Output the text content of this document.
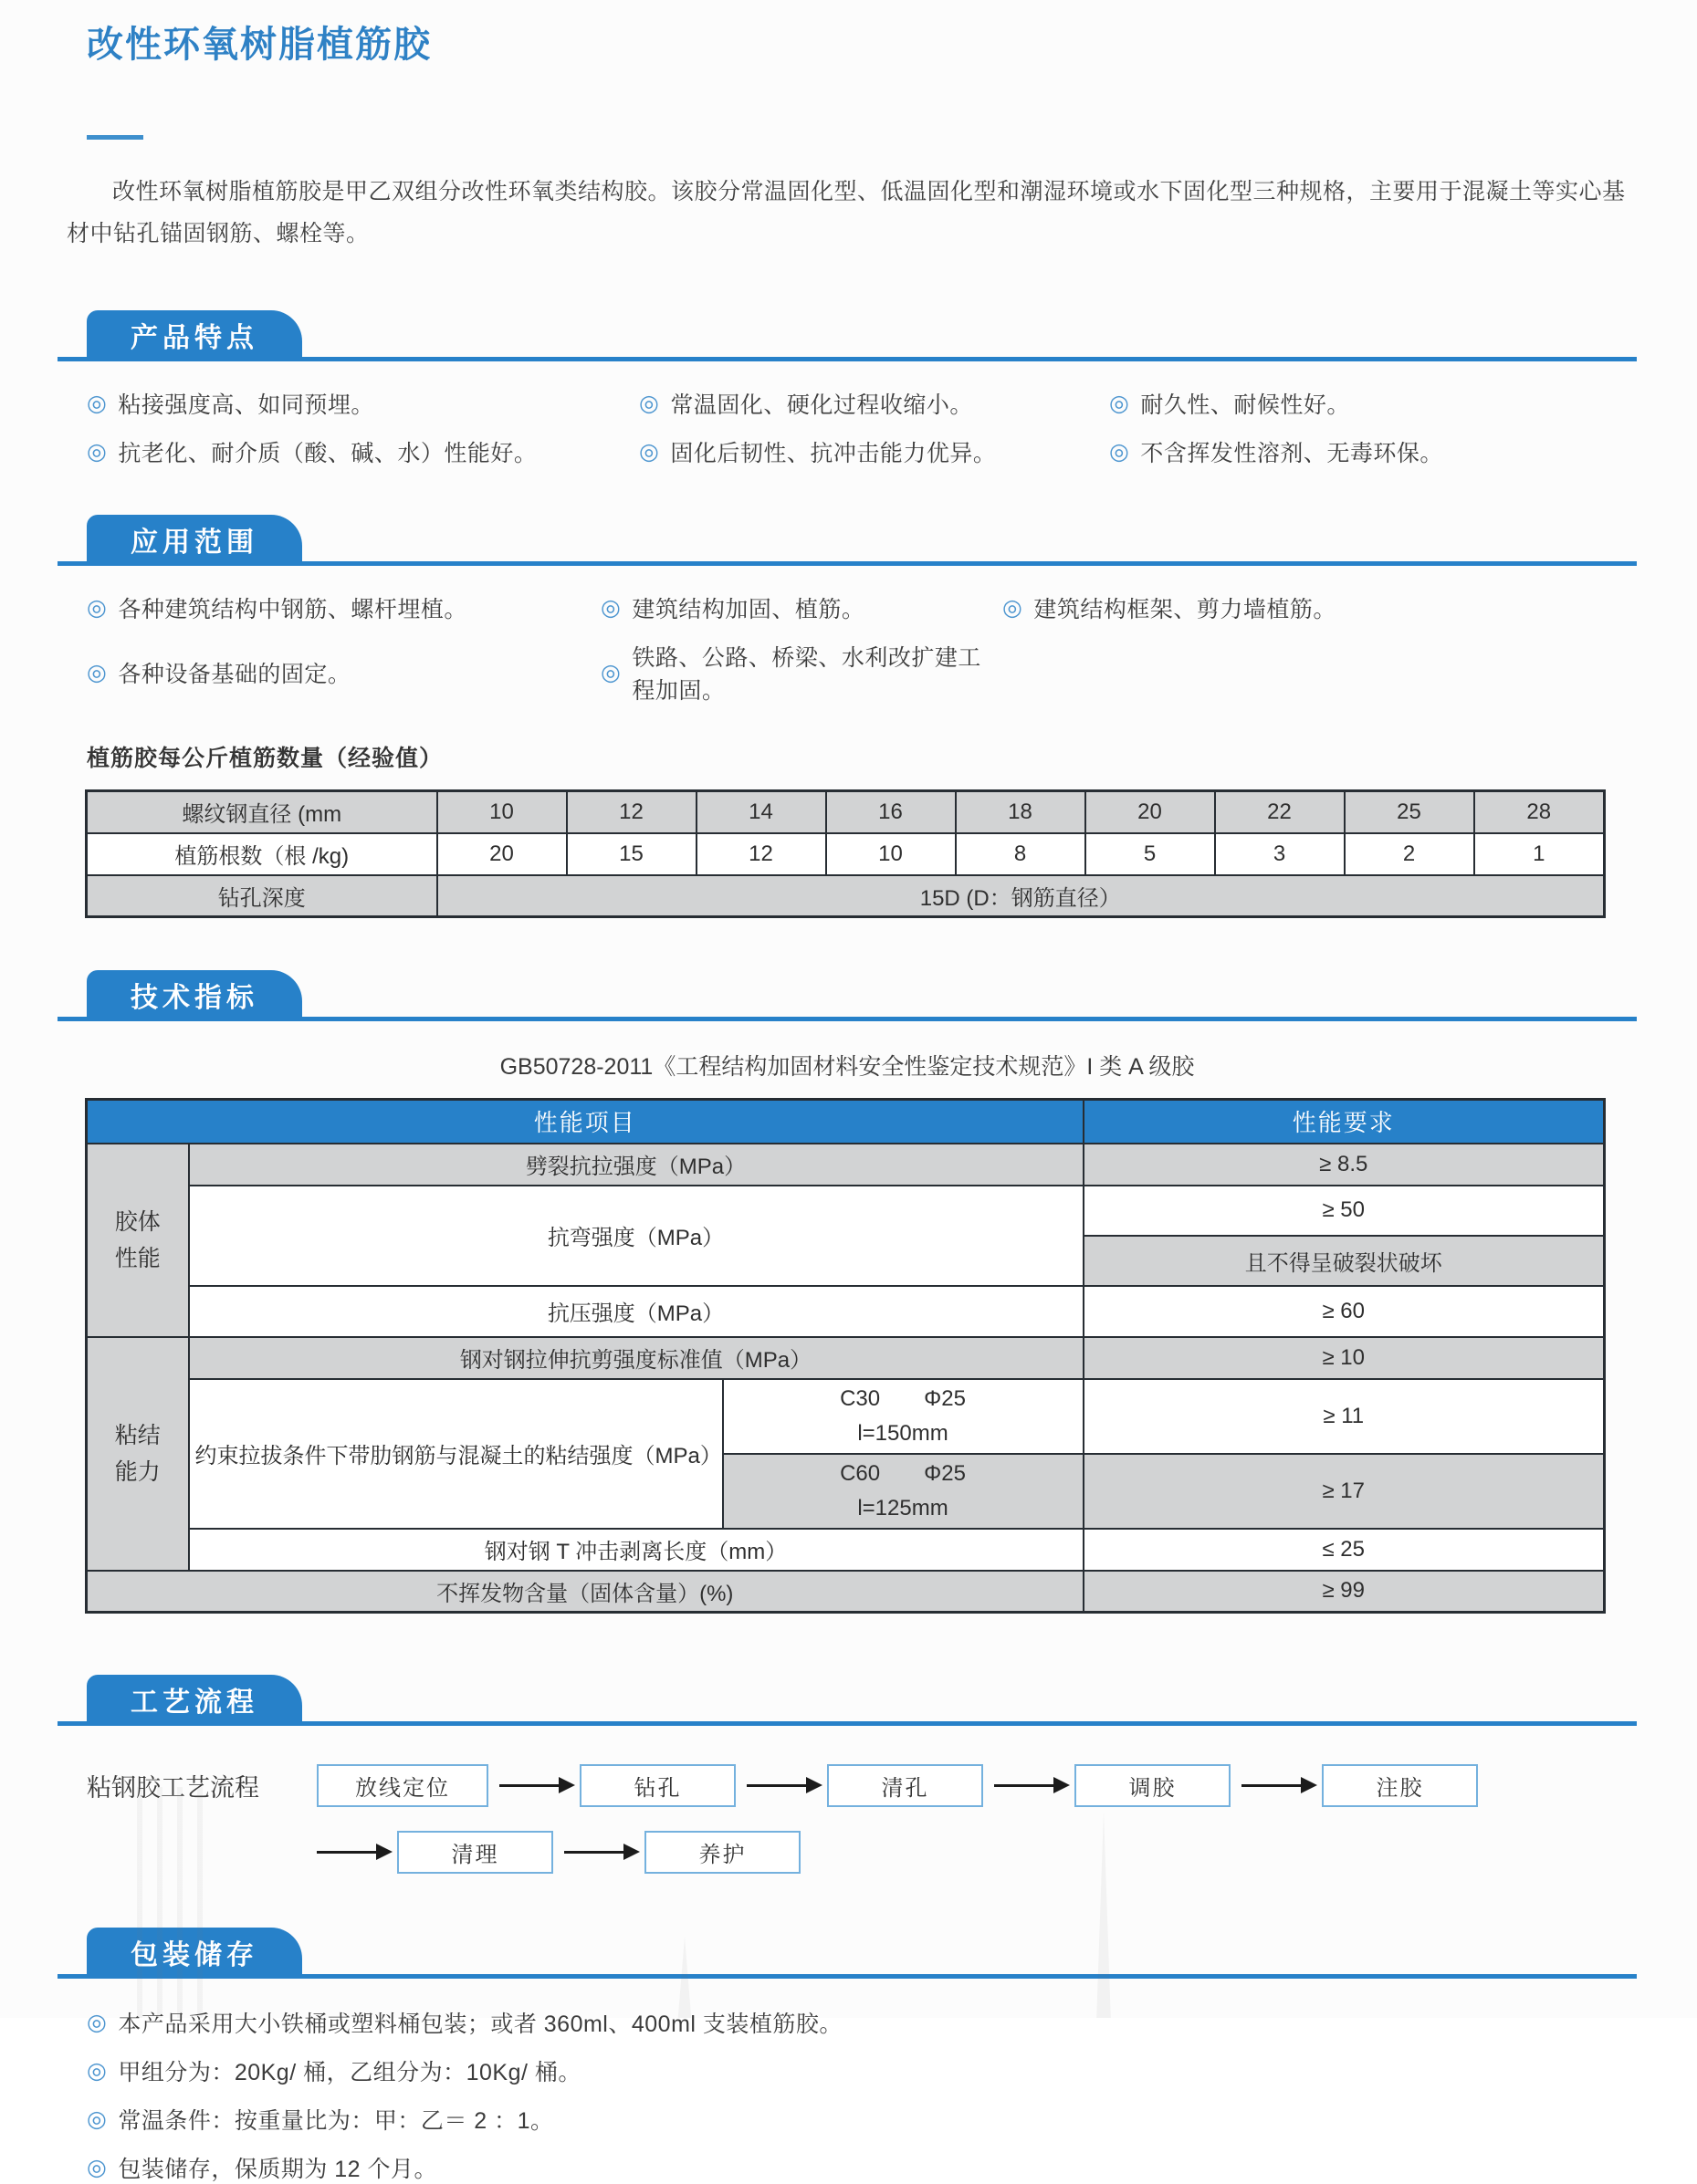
改性环氧树脂植筋胶

改性环氧树脂植筋胶是甲乙双组分改性环氧类结构胶。该胶分常温固化型、低温固化型和潮湿环境或水下固化型三种规格，主要用于混凝土等实心基材中钻孔锚固钢筋、螺栓等。

产品特点
◎ 粘接强度高、如同预埋。	◎ 常温固化、硬化过程收缩小。	◎ 耐久性、耐候性好。
◎ 抗老化、耐介质（酸、碱、水）性能好。	◎ 固化后韧性、抗冲击能力优异。	◎ 不含挥发性溶剂、无毒环保。
应用范围
◎ 各种建筑结构中钢筋、螺杆埋植。	◎ 建筑结构加固、植筋。	◎ 建筑结构框架、剪力墙植筋。
◎ 各种设备基础的固定。	◎
铁路、公路、桥梁、水利改扩建工程加固。
植筋胶每公斤植筋数量（经验值）
螺纹钢直径 (mm	10	12	14	16	18	20	22	25	28
植筋根数（根 /kg)	20	15	12	10	8	5	3	2	1
钻孔深度	15D (D：钢筋直径）								
技术指标
GB50728-2011《工程结构加固材料安全性鉴定技术规范》I 类 A 级胶
性能项目			性能要求

胶体
性能	劈裂抗拉强度（MPa）		≥ 8.5
	抗弯强度（MPa）		≥ 50
			且不得呈破裂状破坏
	抗压强度（MPa）		≥ 60

粘结
能力	钢对钢拉伸抗剪强度标准值（MPa）		≥ 10
	约束拉拔条件下带肋钢筋与混凝土的粘结强度（MPa）	C30　　Φ25
l=150mm	≥ 11

		C60　　Φ25
l=125mm	≥ 17
	钢对钢 T 冲击剥离长度（mm）		≤ 25
不挥发物含量（固体含量）(%)			≥ 99
工艺流程
粘钢胶工艺流程	放线定位	钻孔	清孔	调胶	注胶
清理	养护
包装储存
◎ 本产品采用大小铁桶或塑料桶包装；或者 360ml、400ml 支装植筋胶。
◎ 甲组分为：20Kg/ 桶，乙组分为：10Kg/ 桶。
◎ 常温条件：按重量比为：甲：乙＝ 2 ：1。
◎ 包装储存，保质期为 12 个月。
